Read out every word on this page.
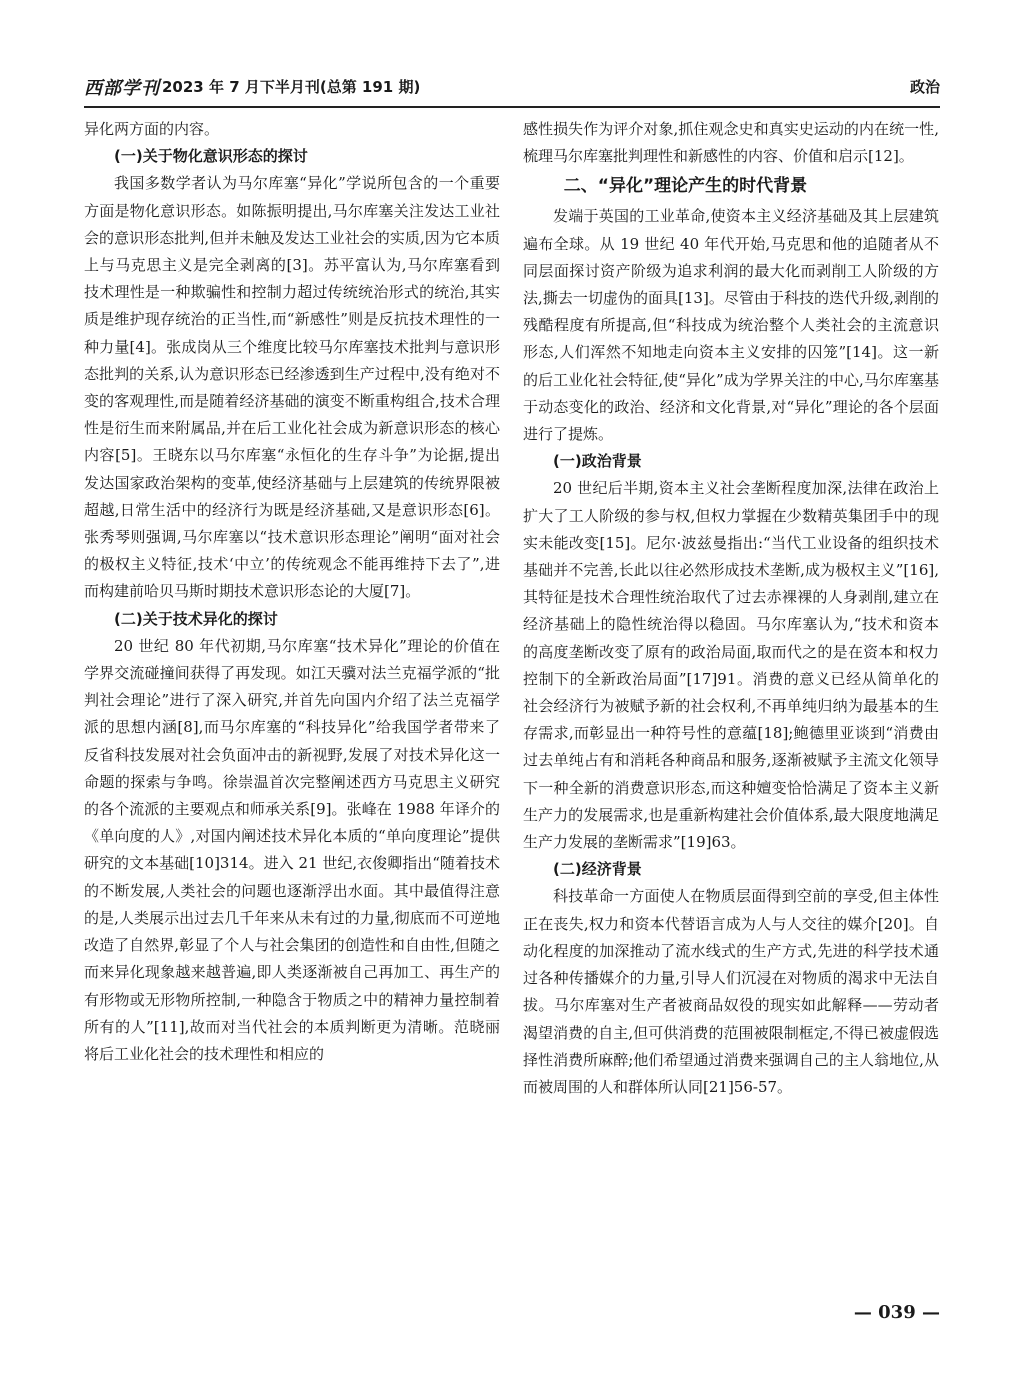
西部学刊 2023 年 7 月下半月刊(总第 191 期)	政治

异化两方面的内容。

(一)关于物化意识形态的探讨

我国多数学者认为马尔库塞“异化”学说所包含的一个重要方面是物化意识形态。如陈振明提出,马尔库塞关注发达工业社会的意识形态批判,但并未触及发达工业社会的实质,因为它本质上与马克思主义是完全剥离的[3]。苏平富认为,马尔库塞看到技术理性是一种欺骗性和控制力超过传统统治形式的统治,其实质是维护现存统治的正当性,而“新感性”则是反抗技术理性的一种力量[4]。张成岗从三个维度比较马尔库塞技术批判与意识形态批判的关系,认为意识形态已经渗透到生产过程中,没有绝对不变的客观理性,而是随着经济基础的演变不断重构组合,技术合理性是衍生而来附属品,并在后工业化社会成为新意识形态的核心内容[5]。王晓东以马尔库塞“永恒化的生存斗争”为论据,提出发达国家政治架构的变革,使经济基础与上层建筑的传统界限被超越,日常生活中的经济行为既是经济基础,又是意识形态[6]。张秀琴则强调,马尔库塞以“技术意识形态理论”阐明“面对社会的极权主义特征,技术‘中立’的传统观念不能再维持下去了”,进而构建前哈贝马斯时期技术意识形态论的大厦[7]。

(二)关于技术异化的探讨

20 世纪 80 年代初期,马尔库塞“技术异化”理论的价值在学界交流碰撞间获得了再发现。如江天骥对法兰克福学派的“批判社会理论”进行了深入研究,并首先向国内介绍了法兰克福学派的思想内涵[8],而马尔库塞的“科技异化”给我国学者带来了反省科技发展对社会负面冲击的新视野,发展了对技术异化这一命题的探索与争鸣。徐崇温首次完整阐述西方马克思主义研究的各个流派的主要观点和师承关系[9]。张峰在 1988 年译介的《单向度的人》,对国内阐述技术异化本质的“单向度理论”提供研究的文本基础[10]314。进入 21 世纪,衣俊卿指出“随着技术的不断发展,人类社会的问题也逐渐浮出水面。其中最值得注意的是,人类展示出过去几千年来从未有过的力量,彻底而不可逆地改造了自然界,彰显了个人与社会集团的创造性和自由性,但随之而来异化现象越来越普遍,即人类逐渐被自己再加工、再生产的有形物或无形物所控制,一种隐含于物质之中的精神力量控制着所有的人”[11],故而对当代社会的本质判断更为清晰。范晓丽将后工业化社会的技术理性和相应的

感性损失作为评介对象,抓住观念史和真实史运动的内在统一性,梳理马尔库塞批判理性和新感性的内容、价值和启示[12]。

二、“异化”理论产生的时代背景

发端于英国的工业革命,使资本主义经济基础及其上层建筑遍布全球。从 19 世纪 40 年代开始,马克思和他的追随者从不同层面探讨资产阶级为追求利润的最大化而剥削工人阶级的方法,撕去一切虚伪的面具[13]。尽管由于科技的迭代升级,剥削的残酷程度有所提高,但“科技成为统治整个人类社会的主流意识形态,人们浑然不知地走向资本主义安排的囚笼”[14]。这一新的后工业化社会特征,使“异化”成为学界关注的中心,马尔库塞基于动态变化的政治、经济和文化背景,对“异化”理论的各个层面进行了提炼。

(一)政治背景

20 世纪后半期,资本主义社会垄断程度加深,法律在政治上扩大了工人阶级的参与权,但权力掌握在少数精英集团手中的现实未能改变[15]。尼尔·波兹曼指出:“当代工业设备的组织技术基础并不完善,长此以往必然形成技术垄断,成为极权主义”[16],其特征是技术合理性统治取代了过去赤裸裸的人身剥削,建立在经济基础上的隐性统治得以稳固。马尔库塞认为,“技术和资本的高度垄断改变了原有的政治局面,取而代之的是在资本和权力控制下的全新政治局面”[17]91。消费的意义已经从简单化的社会经济行为被赋予新的社会权利,不再单纯归纳为最基本的生存需求,而彰显出一种符号性的意蕴[18];鲍德里亚谈到“消费由过去单纯占有和消耗各种商品和服务,逐渐被赋予主流文化领导下一种全新的消费意识形态,而这种嬗变恰恰满足了资本主义新生产力的发展需求,也是重新构建社会价值体系,最大限度地满足生产力发展的垄断需求”[19]63。

(二)经济背景

科技革命一方面使人在物质层面得到空前的享受,但主体性正在丧失,权力和资本代替语言成为人与人交往的媒介[20]。自动化程度的加深推动了流水线式的生产方式,先进的科学技术通过各种传播媒介的力量,引导人们沉浸在对物质的渴求中无法自拔。马尔库塞对生产者被商品奴役的现实如此解释——劳动者渴望消费的自主,但可供消费的范围被限制框定,不得已被虚假选择性消费所麻醉;他们希望通过消费来强调自己的主人翁地位,从而被周围的人和群体所认同[21]56-57。

— 039 —
